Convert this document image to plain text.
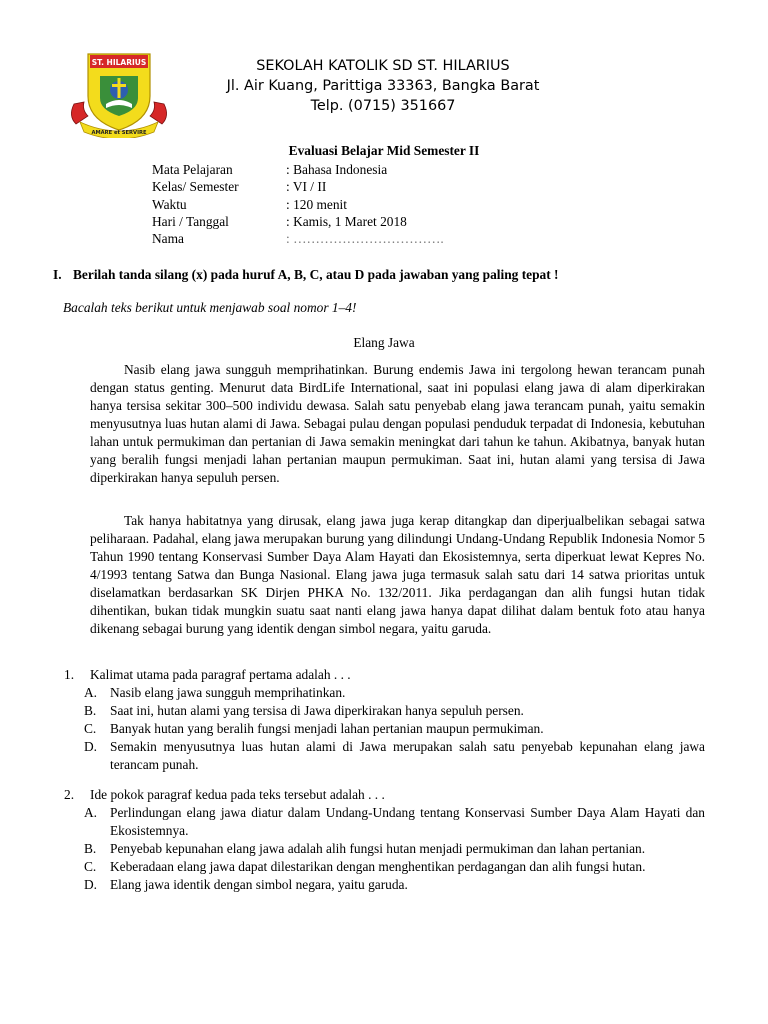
ST. HILARIUS
AMARE et SERVIRE
SEKOLAH KATOLIK SD ST. HILARIUS
Jl. Air Kuang, Parittiga 33363, Bangka Barat
Telp. (0715) 351667
Evaluasi Belajar Mid Semester II
Mata Pelajaran	: Bahasa Indonesia
Kelas/ Semester	: VI / II
Waktu	: 120 menit
Hari / Tanggal	: Kamis, 1 Maret 2018
Nama	: …………………………….
I. Berilah tanda silang (x) pada huruf A, B, C, atau D pada jawaban yang paling tepat !
Bacalah teks berikut untuk menjawab soal nomor 1–4!
Elang Jawa

Nasib elang jawa sungguh memprihatinkan. Burung endemis Jawa ini tergolong hewan terancam punah dengan status genting. Menurut data BirdLife International, saat ini populasi elang jawa di alam diperkirakan hanya tersisa sekitar 300–500 individu dewasa. Salah satu penyebab elang jawa terancam punah, yaitu semakin menyusutnya luas hutan alami di Jawa. Sebagai pulau dengan populasi penduduk terpadat di Indonesia, kebutuhan lahan untuk permukiman dan pertanian di Jawa semakin meningkat dari tahun ke tahun. Akibatnya, banyak hutan yang beralih fungsi menjadi lahan pertanian maupun permukiman. Saat ini, hutan alami yang tersisa di Jawa diperkirakan hanya sepuluh persen.

Tak hanya habitatnya yang dirusak, elang jawa juga kerap ditangkap dan diperjualbelikan sebagai satwa peliharaan. Padahal, elang jawa merupakan burung yang dilindungi Undang-Undang Republik Indonesia Nomor 5 Tahun 1990 tentang Konservasi Sumber Daya Alam Hayati dan Ekosistemnya, serta diperkuat lewat Kepres No. 4/1993 tentang Satwa dan Bunga Nasional. Elang jawa juga termasuk salah satu dari 14 satwa prioritas untuk diselamatkan berdasarkan SK Dirjen PHKA No. 132/2011. Jika perdagangan dan alih fungsi hutan tidak dihentikan, bukan tidak mungkin suatu saat nanti elang jawa hanya dapat dilihat dalam bentuk foto atau hanya dikenang sebagai burung yang identik dengan simbol negara, yaitu garuda.

1. Kalimat utama pada paragraf pertama adalah . . .
A. Nasib elang jawa sungguh memprihatinkan.
B. Saat ini, hutan alami yang tersisa di Jawa diperkirakan hanya sepuluh persen.
C. Banyak hutan yang beralih fungsi menjadi lahan pertanian maupun permukiman.
D. Semakin menyusutnya luas hutan alami di Jawa merupakan salah satu penyebab kepunahan elang jawa terancam punah.
2. Ide pokok paragraf kedua pada teks tersebut adalah . . .
A. Perlindungan elang jawa diatur dalam Undang-Undang tentang Konservasi Sumber Daya Alam Hayati dan Ekosistemnya.
B. Penyebab kepunahan elang jawa adalah alih fungsi hutan menjadi permukiman dan lahan pertanian.
C. Keberadaan elang jawa dapat dilestarikan dengan menghentikan perdagangan dan alih fungsi hutan.
D. Elang jawa identik dengan simbol negara, yaitu garuda.
